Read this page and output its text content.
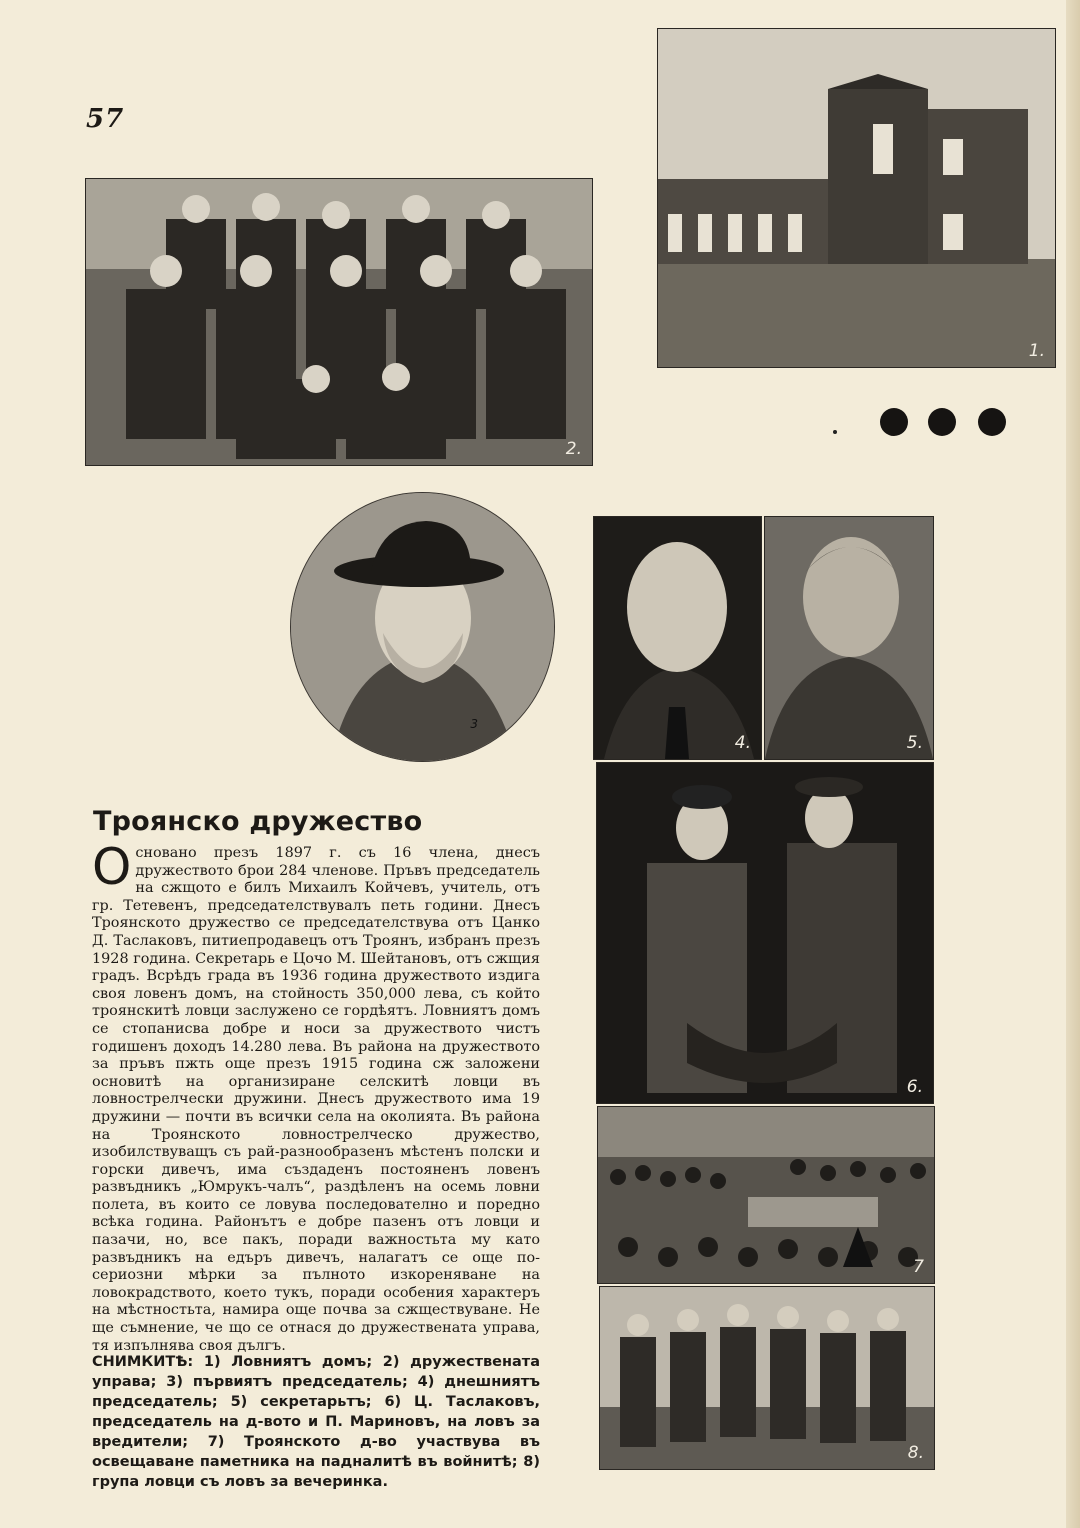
57
2.
1.
3
4.	5.
6.
7
8.
Троянско дружество

Основано презъ 1897 г. съ 16 члена, днесъ дружеството брои 284 членове. Пръвъ председатель на сжщото е билъ Михаилъ Койчевъ, учитель, отъ гр. Тетевенъ, председателствувалъ петь години. Днесъ Троянското дружество се председателствува отъ Цанко Д. Таслаковъ, питиепродавецъ отъ Троянъ, избранъ презъ 1928 година. Секретарь е Цочо М. Шейтановъ, отъ сжщия градъ. Всрѣдъ града въ 1936 година дружеството издига своя ловенъ домъ, на стойность 350,000 лева, съ който троянскитѣ ловци заслужено се гордѣятъ. Ловниятъ домъ се стопанисва добре и носи за дружеството чистъ годишенъ доходъ 14.280 лева. Въ района на дружеството за пръвъ пжть още презъ 1915 година сж заложени основитѣ на организиране селскитѣ ловци въ ловнострелчески дружини. Днесъ дружеството има 19 дружини — почти въ всички села на околията. Въ района на Троянското ловнострелческо дружество, изобилствуващъ съ рай-разнообразенъ мѣстенъ полски и горски дивечъ, има създаденъ постояненъ ловенъ развъдникъ „Юмрукъ-чалъ“, раздѣленъ на осемь ловни полета, въ които се ловува последователно и поредно всѣка година. Районътъ е добре пазенъ отъ ловци и пазачи, но, все пакъ, поради важностьта му като развъдникъ на едъръ дивечъ, налагатъ се още по-сериозни мѣрки за пълното изкореняване на ловокрадството, което тукъ, поради особения характеръ на мѣстностьта, намира още почва за сжществуване. Не ще съмнение, че що се отнася до дружествената управа, тя изпълнява своя дългъ.

СНИМКИТѢ: 1) Ловниятъ домъ; 2) дружествената управа; 3) първиятъ председатель; 4) днешниятъ председатель; 5) секретарьтъ; 6) Ц. Таслаковъ, председатель на д-вото и П. Мариновъ, на ловъ за вредители; 7) Троянското д-во участвува въ освещаване паметника на падналитѣ въ войнитѣ; 8) група ловци съ ловъ за вечеринка.
